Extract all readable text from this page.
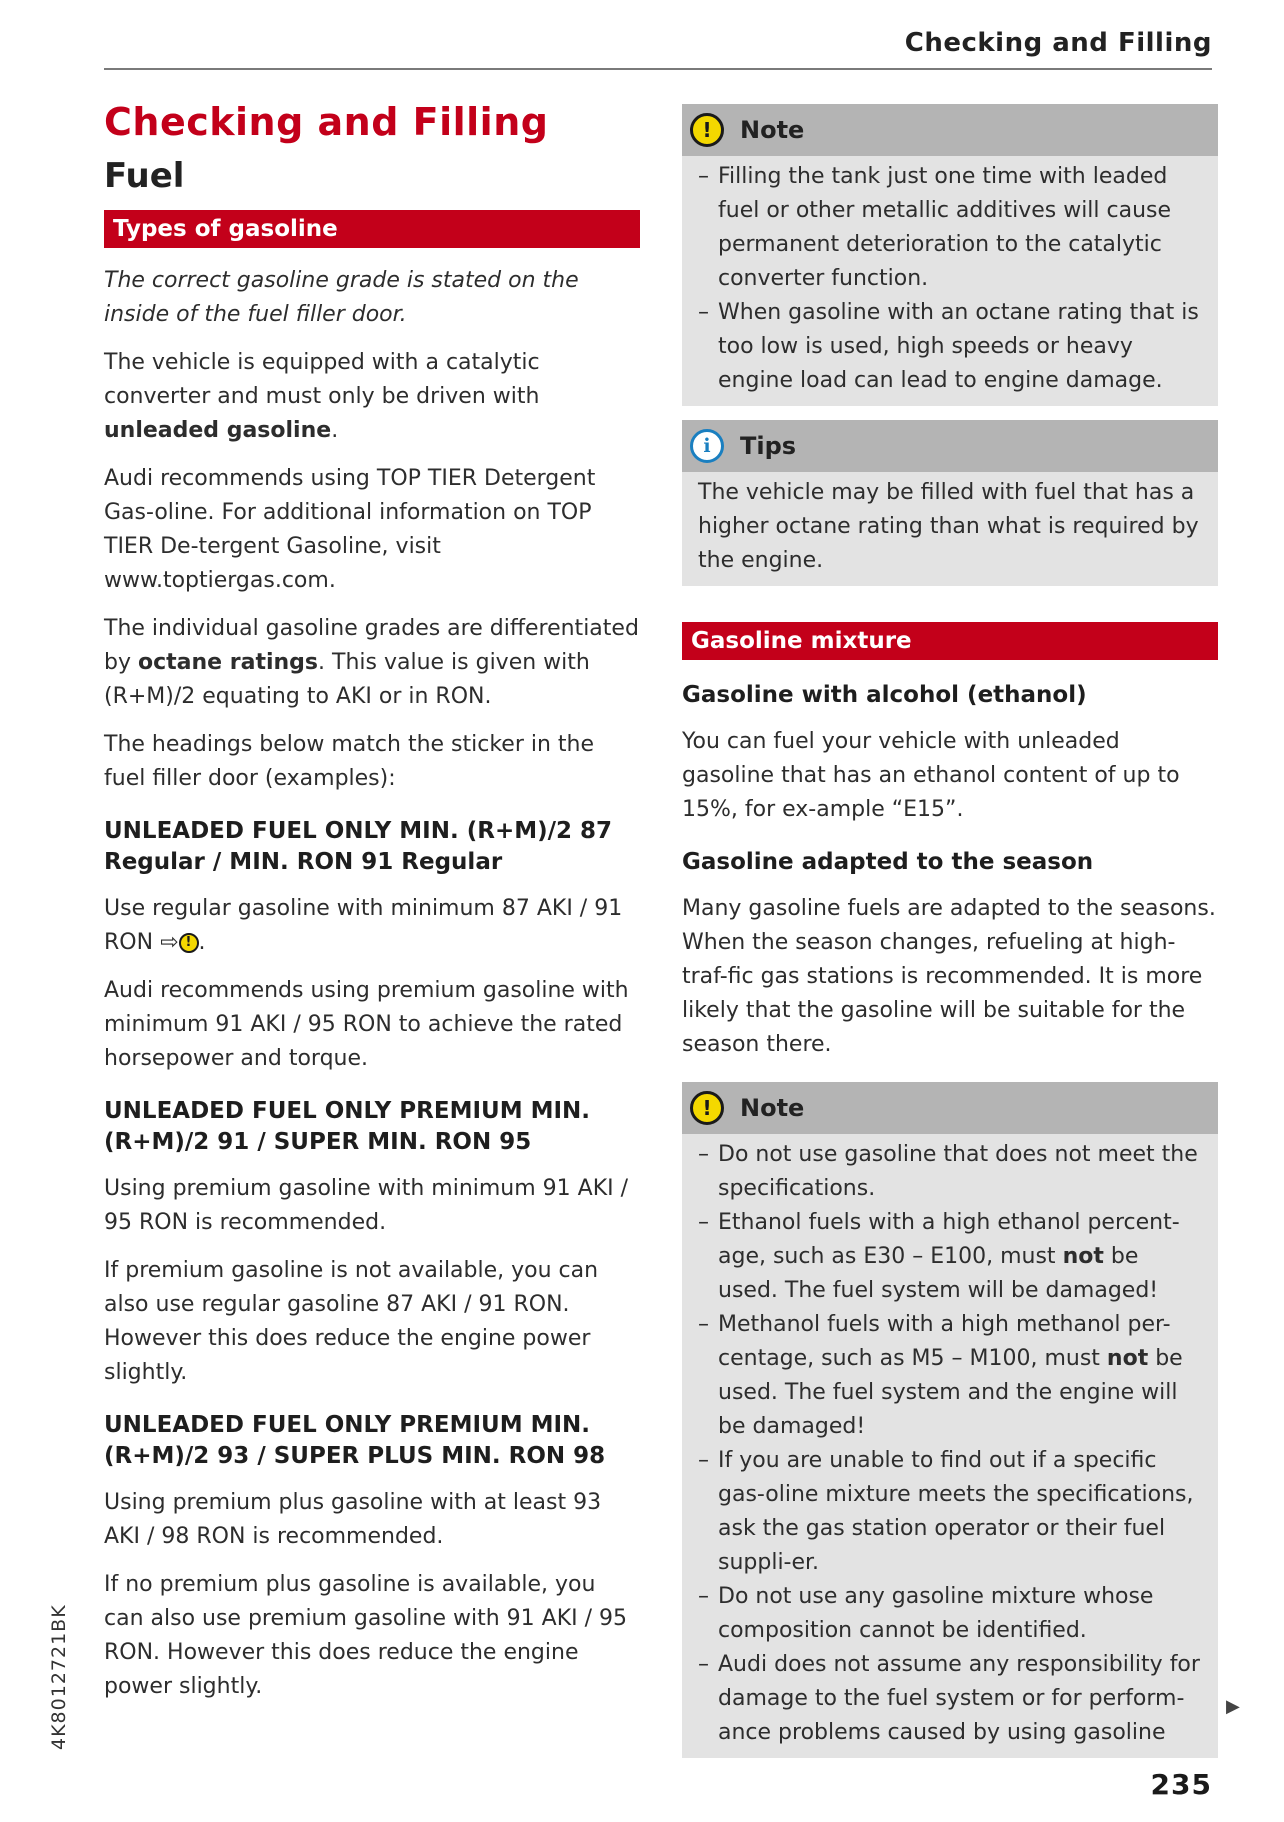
Checking and Filling
Checking and Filling
Fuel
Types of gasoline

The correct gasoline grade is stated on the inside of the fuel filler door.

The vehicle is equipped with a catalytic converter and must only be driven with unleaded gasoline.

Audi recommends using TOP TIER Detergent Gas-oline. For additional information on TOP TIER De-tergent Gasoline, visit www.toptiergas.com.

The individual gasoline grades are differentiated by octane ratings. This value is given with (R+M)/2 equating to AKI or in RON.

The headings below match the sticker in the fuel filler door (examples):

UNLEADED FUEL ONLY MIN. (R+M)/2 87 Regular / MIN. RON 91 Regular

Use regular gasoline with minimum 87 AKI / 91 RON ⇨ ! .

Audi recommends using premium gasoline with minimum 91 AKI / 95 RON to achieve the rated horsepower and torque.

UNLEADED FUEL ONLY PREMIUM MIN. (R+M)/2 91 / SUPER MIN. RON 95

Using premium gasoline with minimum 91 AKI / 95 RON is recommended.

If premium gasoline is not available, you can also use regular gasoline 87 AKI / 91 RON. However this does reduce the engine power slightly.

UNLEADED FUEL ONLY PREMIUM MIN. (R+M)/2 93 / SUPER PLUS MIN. RON 98

Using premium plus gasoline with at least 93 AKI / 98 RON is recommended.

If no premium plus gasoline is available, you can also use premium gasoline with 91 AKI / 95 RON. However this does reduce the engine power slightly.

!	Note
– Filling the tank just one time with leaded fuel or other metallic additives will cause permanent deterioration to the catalytic converter function.
– When gasoline with an octane rating that is too low is used, high speeds or heavy engine load can lead to engine damage.
i	Tips

The vehicle may be filled with fuel that has a higher octane rating than what is required by the engine.

Gasoline mixture
Gasoline with alcohol (ethanol)

You can fuel your vehicle with unleaded gasoline that has an ethanol content of up to 15%, for ex-ample “E15”.

Gasoline adapted to the season

Many gasoline fuels are adapted to the seasons. When the season changes, refueling at high-traf-fic gas stations is recommended. It is more likely that the gasoline will be suitable for the season there.

!	Note
– Do not use gasoline that does not meet the specifications.
– Ethanol fuels with a high ethanol percent-age, such as E30 – E100, must not be used. The fuel system will be damaged!
– Methanol fuels with a high methanol per-centage, such as M5 – M100, must not be used. The fuel system and the engine will be damaged!
– If you are unable to find out if a specific gas-oline mixture meets the specifications, ask the gas station operator or their fuel suppli-er.
– Do not use any gasoline mixture whose composition cannot be identified.
– Audi does not assume any responsibility for damage to the fuel system or for perform-ance problems caused by using gasoline
4K8012721BK	▶
235
